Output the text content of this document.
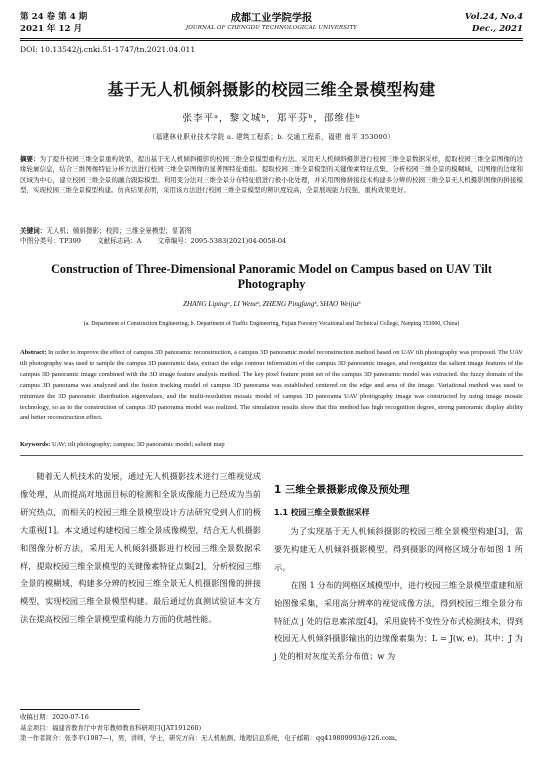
第 24 卷 第 4 期
2021 年 12 月
成都工业学院学报
JOURNAL OF CHENGDU TECHNOLOGICAL UNIVERSITY
Vol.24, No.4
Dec., 2021
DOI: 10.13542/j.cnki.51-1747/tn.2021.04.011
基于无人机倾斜摄影的校园三维全景模型构建
张李平ᵃ，黎文城ᵇ，郑平芬ᵇ，邵维佳ᵇ
（福建林业职业技术学院 a. 建筑工程系；b. 交通工程系，福建 南平 353000）
摘要：为了提升校园三维全景重构效果，提出基于无人机倾斜摄影的校园三维全景模型重构方法。采用无人机倾斜摄影进行校园三维全景数据采样，提取校园三维全景图像的边缘轮廓信息，结合三维图像特征分析方法进行校园三维全景图像的显著图特征重组。提取校园三维全景模型的关键像素特征点集，分析校园三维全景的模糊域，以图像的边缘和区域为中心，建立校园三维全景的融合跟踪模型。利用变分法对三维全景分布特征值进行极小化处理，并采用图像拼接技术构建多分辨的校园三维全景无人机摄影图像的拼接模型，实现校园三维全景模型构建。仿真结果表明，采用该方法进行校园三维全景模型的辨识度较高，全景展现能力较强，重构效果更好。
关键词：无人机；倾斜摄影；校园；三维全景模型；显著图
中图分类号：TP399 文献标志码：A 文章编号：2095-5383(2021)04-0058-04
Construction of Three-Dimensional Panoramic Model on Campus based on UAV Tilt Photography
ZHANG Lipingᵃ, LI Weneᵇ, ZHENG Pingfangᵇ, SHAO Weijiaᵇ
(a. Department of Construction Engineering; b. Department of Traffic Engineering, Fujian Forestry Vocational and Technical College, Nanping 353000, China)
Abstract: In order to improve the effect of campus 3D panoramic reconstruction, a campus 3D panoramic model reconstruction method based on UAV tilt photography was proposed. The UAV tilt photography was used to sample the campus 3D panoramic data, extract the edge contour information of the campus 3D panoramic images, and reorganize the salient image features of the campus 3D panoramic image combined with the 3D image feature analysis method. The key pixel feature point set of the campus 3D panoramic model was extracted. the fuzzy domain of the campus 3D panorama was analyzed and the fusion tracking model of campus 3D panorama was established centered on the edge and area of the image. Variational method was used to minimize the 3D panoramic distribution eigenvalues, and the multi-resolution mosaic model of campus 3D panorama UAV photography image was constructed by using image mosaic technology, so as to the construction of campus 3D panorama model was realized. The simulation results show that this method has high recognition degree, strong panoramic display ability and better reconstruction effect.
Keywords: UAV; tilt photography; campus; 3D panoramic model; salient map

随着无人机技术的发展，通过无人机摄影技术进行三维视觉成像处理，从而提高对地面目标的检测和全景成像能力已经成为当前研究热点，而相关的校园三维全景模型设计方法研究受到人们的极大重视[1]。本文通过构建校园三维全景成像模型，结合无人机摄影和图像分析方法，采用无人机倾斜摄影进行校园三维全景数据采样，提取校园三维全景模型的关键像素特征点集[2]，分析校园三维全景的模糊域，构建多分辨的校园三维全景无人机摄影图像的拼接模型，实现校园三维全景模型构建。最后通过仿真测试验证本文方法在提高校园三维全景模型重构能力方面的优越性能。

1 三维全景摄影成像及预处理
1.1 校园三维全景数据采样

为了实现基于无人机倾斜摄影的校园三维全景模型构建[3]，需要先构建无人机倾斜摄影模型，得到摄影的网格区域分布如图 1 所示。

在图 1 分布的网格区域模型中，进行校园三维全景模型重建和原始图像采集，采用高分辨率的视觉成像方法，得到校园三维全景分布特征点 j 处的信息素浓度[4]，采用旋转不变性分布式检测技术，得到校园无人机倾斜摄影输出的边缘像素集为：L = J(w, e)。其中：J 为 j 处的相对灰度关系分布值；w 为

收稿日期：2020-07-16
基金项目：福建省教育厅中青年教师教育科研项目(JAT191260)
第一作者简介：张李平(1987—)，男，讲师，学士，研究方向：无人机航测、地理信息系统，电子邮箱：qq419809993@126.com。
